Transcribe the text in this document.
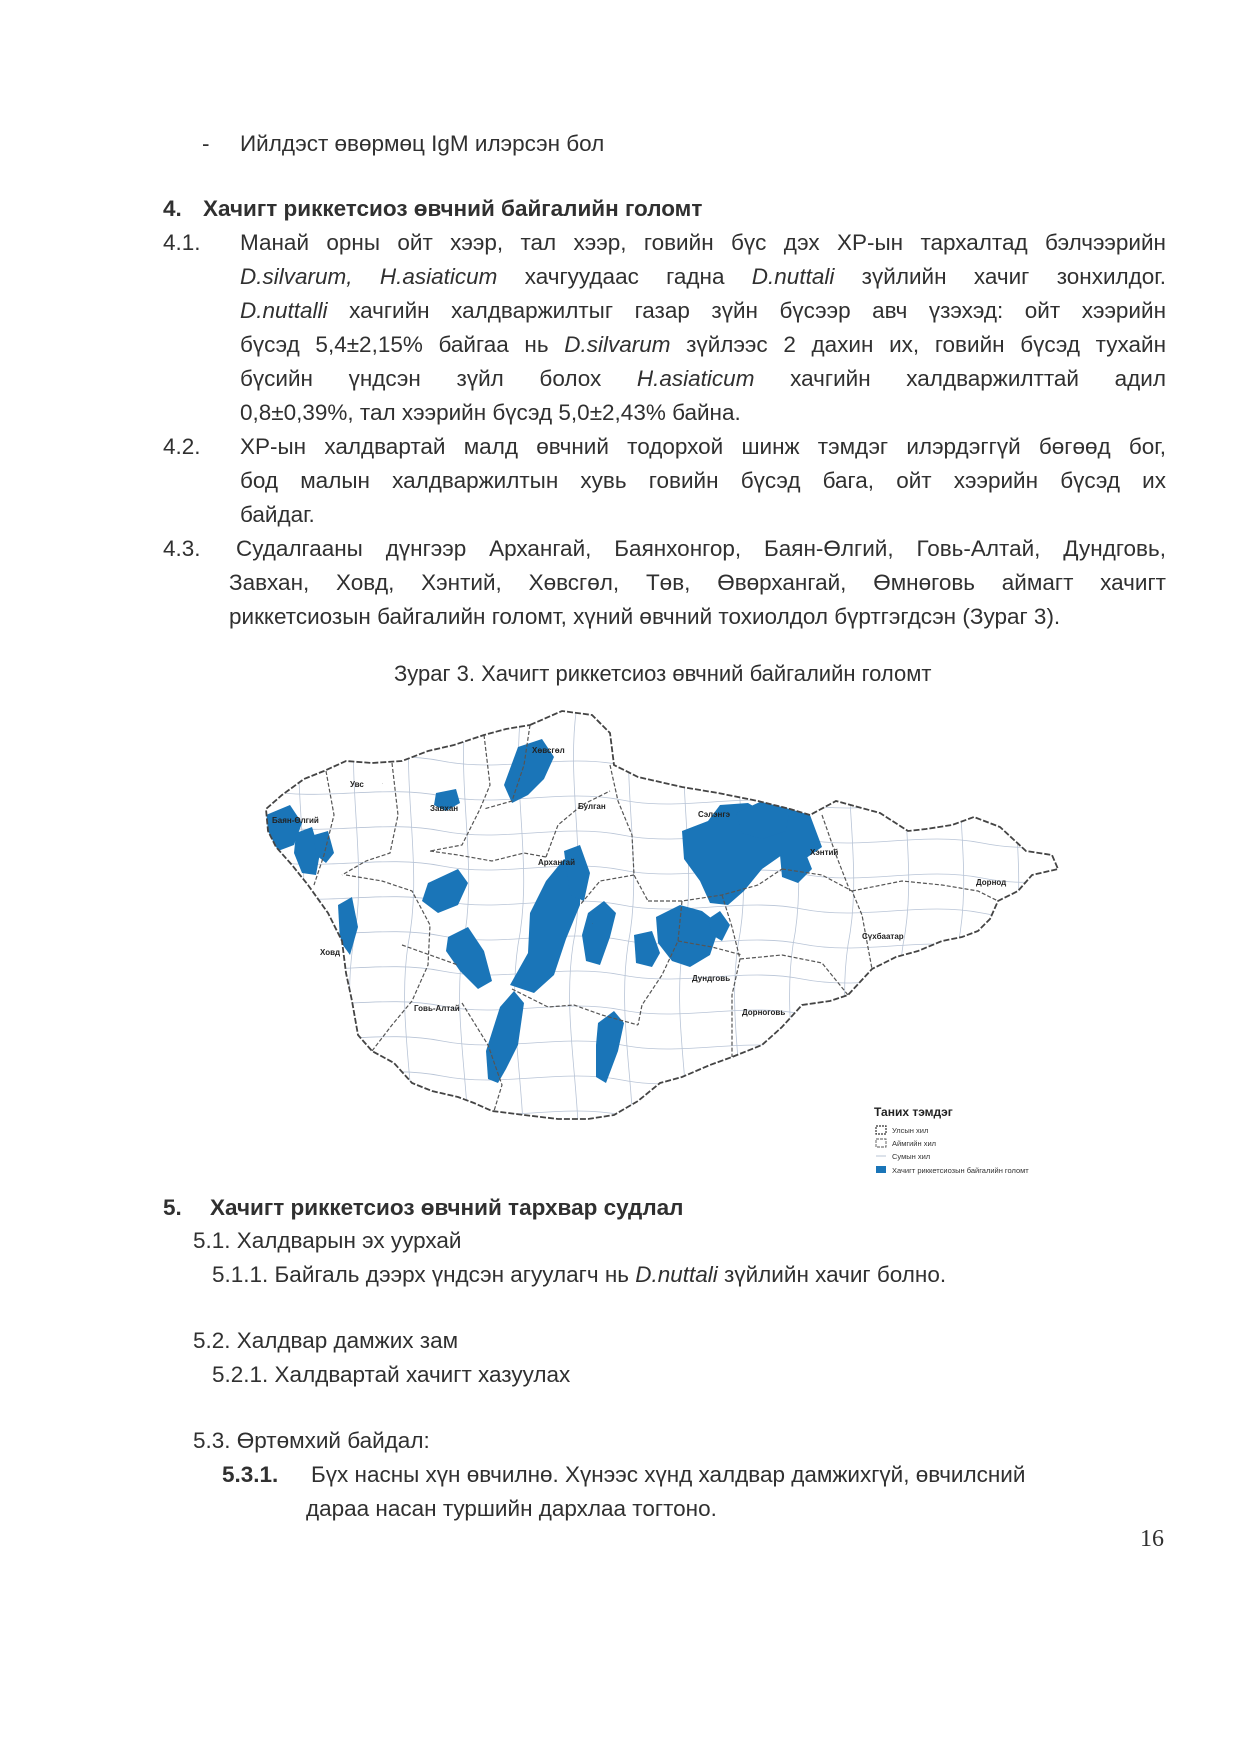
- Ийлдэст өвөрмөц IgM илэрсэн бол
4. Хачигт риккетсиоз өвчний байгалийн голомт
4.1. Манай орны ойт хээр, тал хээр, говийн бүс дэх ХР-ын тархалтад бэлчээрийн
D.silvarum, H.asiaticum хачгуудаас гадна D.nuttali зүйлийн хачиг зонхилдог.
D.nuttalli хачгийн халдваржилтыг газар зүйн бүсээр авч үзэхэд: ойт хээрийн
бүсэд 5,4±2,15% байгаа нь D.silvarum зүйлээс 2 дахин их, говийн бүсэд тухайн
бүсийн үндсэн зүйл болох H.asiaticum хачгийн халдваржилттай адил
0,8±0,39%, тал хээрийн бүсэд 5,0±2,43% байна.
4.2. ХР-ын халдвартай малд өвчний тодорхой шинж тэмдэг илэрдэггүй бөгөөд бог,
бод малын халдваржилтын хувь говийн бүсэд бага, ойт хээрийн бүсэд их
байдаг.
4.3. Судалгааны дүнгээр Архангай, Баянхонгор, Баян-Өлгий, Говь-Алтай, Дундговь,
Завхан, Ховд, Хэнтий, Хөвсгөл, Төв, Өвөрхангай, Өмнөговь аймагт хачигт
риккетсиозын байгалийн голомт, хүний өвчний тохиолдол бүртгэгдсэн (Зураг 3).
Зураг 3. Хачигт риккетсиоз өвчний байгалийн голомт
·
·
Хөвсгөл
Увс
Завхан	Булган
Сэлэнгэ
Архангай
Баян-Өлгий
Ховд
Говь-Алтай
Дундговь
Дорноговь
Сүхбаатар
Дорнод
Хэнтий
Таних тэмдэг
Улсын хил
Аймгийн хил
Сумын хил
Хачигт риккетсиозын байгалийн голомт
5. Хачигт риккетсиоз өвчний тархвар судлал
5.1. Халдварын эх уурхай
5.1.1. Байгаль дээрх үндсэн агуулагч нь D.nuttali зүйлийн хачиг болно.
5.2. Халдвар дамжих зам
5.2.1. Халдвартай хачигт хазуулах
5.3. Өртөмхий байдал:
5.3.1. Бүх насны хүн өвчилнө. Хүнээс хүнд халдвар дамжихгүй, өвчилсний
дараа насан туршийн дархлаа тогтоно.
16
